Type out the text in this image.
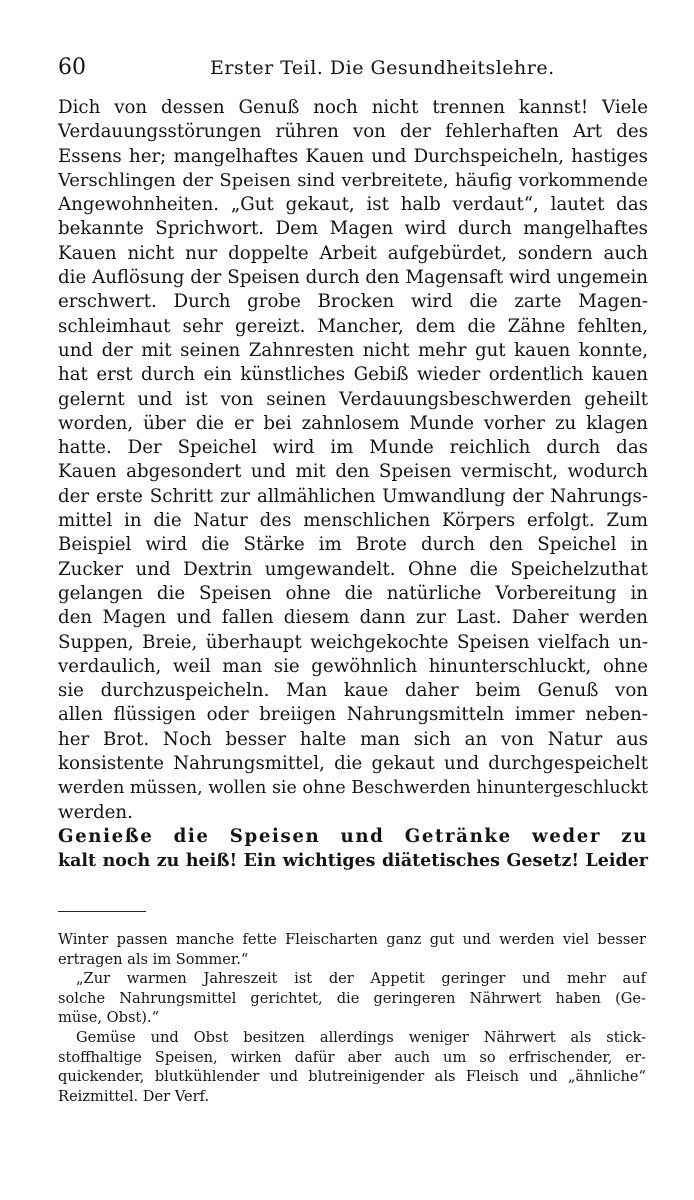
60	Erster Teil. Die Gesundheitslehre.
Dich von dessen Genuß noch nicht trennen kannst! Viele
Verdauungsstörungen rühren von der fehlerhaften Art des
Essens her; mangelhaftes Kauen und Durchspeicheln, hastiges
Verschlingen der Speisen sind verbreitete, häufig vorkommende
Angewohnheiten. „Gut gekaut, ist halb verdaut“, lautet das
bekannte Sprichwort. Dem Magen wird durch mangelhaftes
Kauen nicht nur doppelte Arbeit aufgebürdet, sondern auch
die Auflösung der Speisen durch den Magensaft wird ungemein
erschwert. Durch grobe Brocken wird die zarte Magen-
schleimhaut sehr gereizt. Mancher, dem die Zähne fehlten,
und der mit seinen Zahnresten nicht mehr gut kauen konnte,
hat erst durch ein künstliches Gebiß wieder ordentlich kauen
gelernt und ist von seinen Verdauungsbeschwerden geheilt
worden, über die er bei zahnlosem Munde vorher zu klagen
hatte. Der Speichel wird im Munde reichlich durch das
Kauen abgesondert und mit den Speisen vermischt, wodurch
der erste Schritt zur allmählichen Umwandlung der Nahrungs-
mittel in die Natur des menschlichen Körpers erfolgt. Zum
Beispiel wird die Stärke im Brote durch den Speichel in
Zucker und Dextrin umgewandelt. Ohne die Speichelzuthat
gelangen die Speisen ohne die natürliche Vorbereitung in
den Magen und fallen diesem dann zur Last. Daher werden
Suppen, Breie, überhaupt weichgekochte Speisen vielfach un-
verdaulich, weil man sie gewöhnlich hinunterschluckt, ohne
sie durchzuspeicheln. Man kaue daher beim Genuß von
allen flüssigen oder breiigen Nahrungsmitteln immer neben-
her Brot. Noch besser halte man sich an von Natur aus
konsistente Nahrungsmittel, die gekaut und durchgespeichelt
werden müssen, wollen sie ohne Beschwerden hinuntergeschluckt
werden.
Genieße die Speisen und Getränke weder zu
kalt noch zu heiß! Ein wichtiges diätetisches Gesetz! Leider
Winter passen manche fette Fleischarten ganz gut und werden viel besser
ertragen als im Sommer.“
„Zur warmen Jahreszeit ist der Appetit geringer und mehr auf
solche Nahrungsmittel gerichtet, die geringeren Nährwert haben (Ge-
müse, Obst).“
Gemüse und Obst besitzen allerdings weniger Nährwert als stick-
stoffhaltige Speisen, wirken dafür aber auch um so erfrischender, er-
quickender, blutkühlender und blutreinigender als Fleisch und „ähnliche“
Reizmittel. Der Verf.
